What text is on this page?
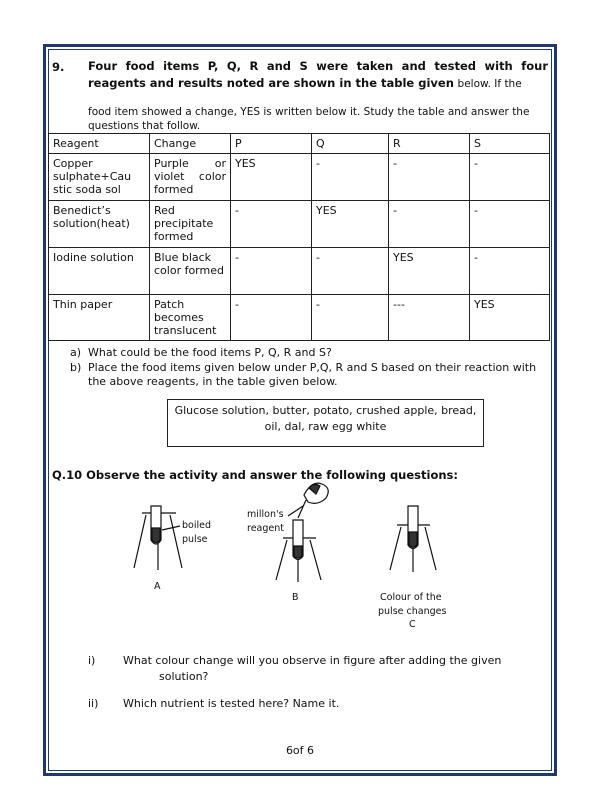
9. Four food items P, Q, R and S were taken and tested with four reagents and results noted are shown in the table given below. If the
food item showed a change, YES is written below it. Study the table and answer the questions that follow.
Reagent	Change	P	Q	R	S
Copper sulphate+Cau stic soda sol	Purple or violet color formed	YES	-	-	-
Benedict’s solution(heat)	Red precipitate formed	-	YES	-	-
Iodine solution	Blue black color formed	-	-	YES	-
Thin paper	Patch becomes translucent	-	-	---	YES
a) What could be the food items P, Q, R and S?
b) Place the food items given below under P,Q, R and S based on their reaction with the above reagents, in the table given below.
Glucose solution, butter, potato, crushed apple, bread, oil, dal, raw egg white
Q.10 Observe the activity and answer the following questions:
boiled
pulse
A
millon's
reagent
B	Colour of the
pulse changes
C
i)	What colour change will you observe in figure after adding the given
solution?
ii) Which nutrient is tested here? Name it.
6of 6
